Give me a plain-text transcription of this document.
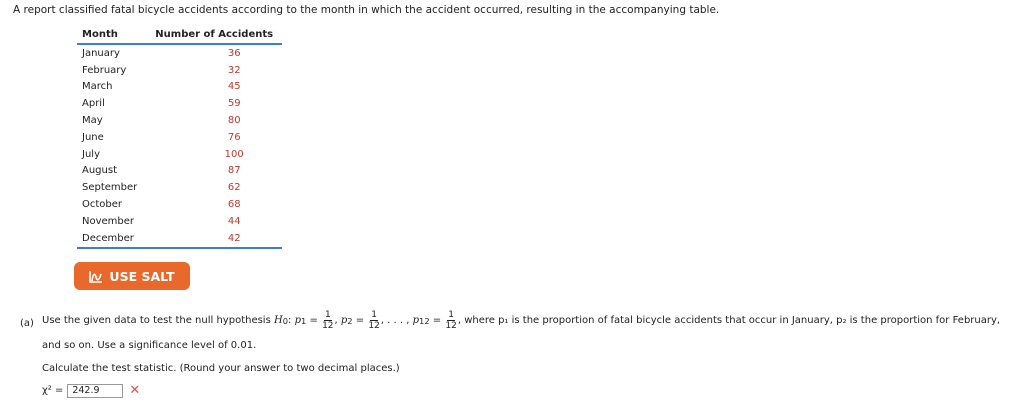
A report classified fatal bicycle accidents according to the month in which the accident occurred, resulting in the accompanying table.
Month	Number of Accidents
January	36
February	32
March	45
April	59
May	80
June	76
July	100
August	87
September	62
October	68
November	44
December	42
USE SALT
(a) Use the given data to test the null hypothesis
H 0 : p $1 = \frac{1}{12}$ , p $2 = \frac{1}{12}$ , . . . ,
p $12 = \frac{1}{12}$ , where p₁ is the proportion of fatal bicycle accidents that occur in January, p₂ is the proportion for February,
and so on. Use a significance level of 0.01.
Calculate the test statistic. (Round your answer to two decimal places.)
χ² =
242.9	✕
